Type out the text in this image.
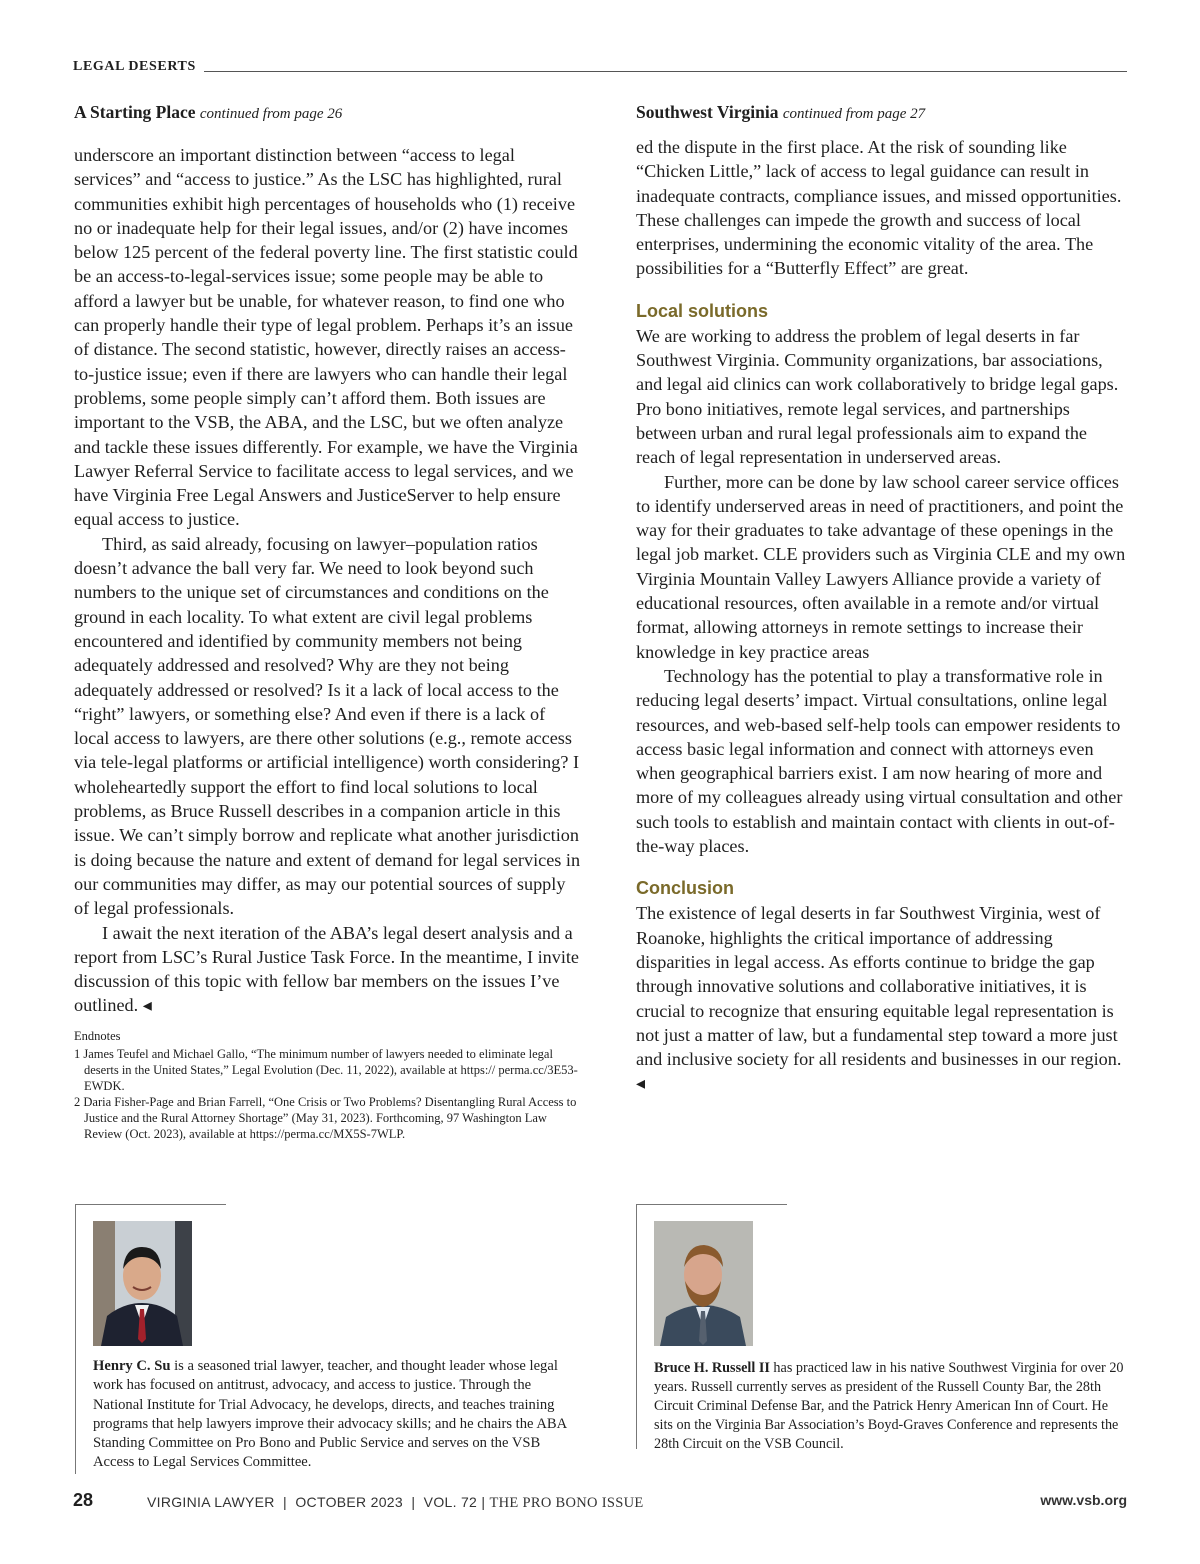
LEGAL DESERTS
A Starting Place continued from page 26

underscore an important distinction between “access to legal services” and “access to justice.” As the LSC has highlighted, rural communities exhibit high percentages of households who (1) receive no or inadequate help for their legal issues, and/or (2) have incomes below 125 percent of the federal poverty line. The first statistic could be an access-to-legal-services issue; some people may be able to afford a lawyer but be unable, for whatever reason, to find one who can properly handle their type of legal problem. Perhaps it’s an issue of distance. The second statistic, however, directly raises an access-to-justice issue; even if there are lawyers who can handle their legal problems, some people simply can’t afford them. Both issues are important to the VSB, the ABA, and the LSC, but we often analyze and tackle these issues differently. For example, we have the Virginia Lawyer Referral Service to facilitate access to legal services, and we have Virginia Free Legal Answers and JusticeServer to help ensure equal access to justice.

Third, as said already, focusing on lawyer–population ratios doesn’t advance the ball very far. We need to look beyond such numbers to the unique set of circumstances and conditions on the ground in each locality. To what extent are civil legal problems encountered and identified by community members not being adequately addressed and resolved? Why are they not being adequately addressed or resolved? Is it a lack of local access to the “right” lawyers, or something else? And even if there is a lack of local access to lawyers, are there other solutions (e.g., remote access via tele-legal platforms or artificial intelligence) worth considering? I wholeheartedly support the effort to find local solutions to local problems, as Bruce Russell describes in a companion article in this issue. We can’t simply borrow and replicate what another jurisdiction is doing because the nature and extent of demand for legal services in our communities may differ, as may our potential sources of supply of legal professionals.

I await the next iteration of the ABA’s legal desert analysis and a report from LSC’s Rural Justice Task Force. In the meantime, I invite discussion of this topic with fellow bar members on the issues I’ve outlined. ◂

Endnotes
1 James Teufel and Michael Gallo, “The minimum number of lawyers needed to eliminate legal deserts in the United States,” Legal Evolution (Dec. 11, 2022), available at https:// perma.cc/3E53-EWDK.
2 Daria Fisher-Page and Brian Farrell, “One Crisis or Two Problems? Disentangling Rural Access to Justice and the Rural Attorney Shortage” (May 31, 2023). Forthcoming, 97 Washington Law Review (Oct. 2023), available at https://perma.cc/MX5S-7WLP.
Southwest Virginia continued from page 27

ed the dispute in the first place. At the risk of sounding like “Chicken Little,” lack of access to legal guidance can result in inadequate contracts, compliance issues, and missed opportunities. These challenges can impede the growth and success of local enterprises, undermining the economic vitality of the area. The possibilities for a “Butterfly Effect” are great.

Local solutions

We are working to address the problem of legal deserts in far Southwest Virginia. Community organizations, bar associations, and legal aid clinics can work collaboratively to bridge legal gaps. Pro bono initiatives, remote legal services, and partnerships between urban and rural legal professionals aim to expand the reach of legal representation in underserved areas.

Further, more can be done by law school career service offices to identify underserved areas in need of practitioners, and point the way for their graduates to take advantage of these openings in the legal job market. CLE providers such as Virginia CLE and my own Virginia Mountain Valley Lawyers Alliance provide a variety of educational resources, often available in a remote and/or virtual format, allowing attorneys in remote settings to increase their knowledge in key practice areas

Technology has the potential to play a transformative role in reducing legal deserts’ impact. Virtual consultations, online legal resources, and web-based self-help tools can empower residents to access basic legal information and connect with attorneys even when geographical barriers exist. I am now hearing of more and more of my colleagues already using virtual consultation and other such tools to establish and maintain contact with clients in out-of-the-way places.

Conclusion

The existence of legal deserts in far Southwest Virginia, west of Roanoke, highlights the critical importance of addressing disparities in legal access. As efforts continue to bridge the gap through innovative solutions and collaborative initiatives, it is crucial to recognize that ensuring equitable legal representation is not just a matter of law, but a fundamental step toward a more just and inclusive society for all residents and businesses in our region. ◂

Henry C. Su is a seasoned trial lawyer, teacher, and thought leader whose legal work has focused on antitrust, advocacy, and access to justice. Through the National Institute for Trial Advocacy, he develops, directs, and teaches training programs that help lawyers improve their advocacy skills; and he chairs the ABA Standing Committee on Pro Bono and Public Service and serves on the VSB Access to Legal Services Committee.
Bruce H. Russell II has practiced law in his native Southwest Virginia for over 20 years. Russell currently serves as president of the Russell County Bar, the 28th Circuit Criminal Defense Bar, and the Patrick Henry American Inn of Court. He sits on the Virginia Bar Association’s Boyd-Graves Conference and represents the 28th Circuit on the VSB Council.
28	VIRGINIA LAWYER  |  OCTOBER 2023  |  VOL. 72 | THE PRO BONO ISSUE	www.vsb.org
